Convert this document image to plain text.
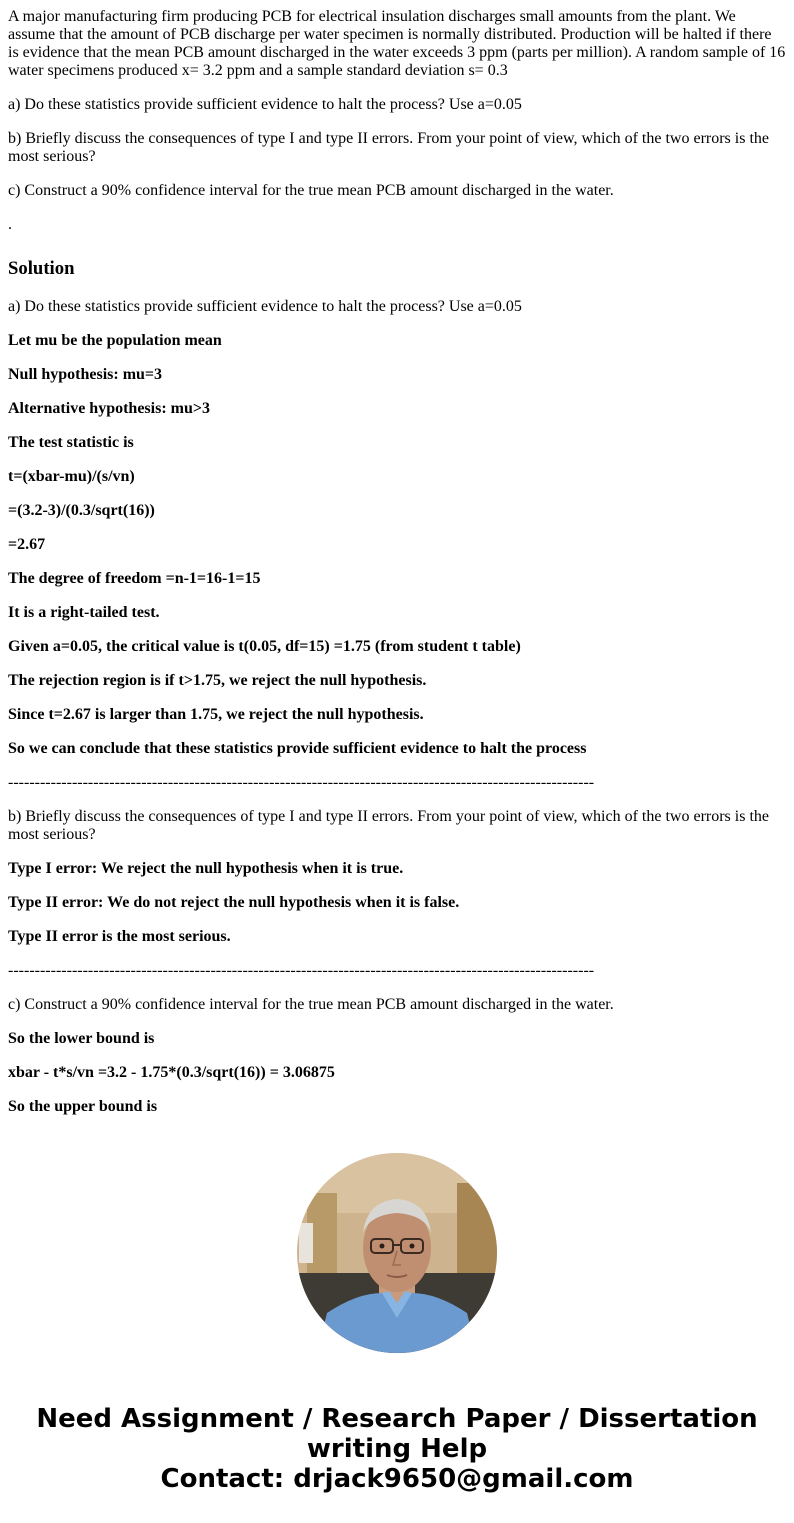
A major manufacturing firm producing PCB for electrical insulation discharges small amounts from the plant. We assume that the amount of PCB discharge per water specimen is normally distributed. Production will be halted if there is evidence that the mean PCB amount discharged in the water exceeds 3 ppm (parts per million). A random sample of 16 water specimens produced x= 3.2 ppm and a sample standard deviation s= 0.3

a) Do these statistics provide sufficient evidence to halt the process? Use a=0.05

b) Briefly discuss the consequences of type I and type II errors. From your point of view, which of the two errors is the most serious?

c) Construct a 90% confidence interval for the true mean PCB amount discharged in the water.

.

Solution

a) Do these statistics provide sufficient evidence to halt the process? Use a=0.05

Let mu be the population mean

Null hypothesis: mu=3

Alternative hypothesis: mu>3

The test statistic is

t=(xbar-mu)/(s/vn)

=(3.2-3)/(0.3/sqrt(16))

=2.67

The degree of freedom =n-1=16-1=15

It is a right-tailed test.

Given a=0.05, the critical value is t(0.05, df=15) =1.75 (from student t table)

The rejection region is if t>1.75, we reject the null hypothesis.

Since t=2.67 is larger than 1.75, we reject the null hypothesis.

So we can conclude that these statistics provide sufficient evidence to halt the process

--------------------------------------------------------------------------------------------------------------

b) Briefly discuss the consequences of type I and type II errors. From your point of view, which of the two errors is the most serious?

Type I error: We reject the null hypothesis when it is true.

Type II error: We do not reject the null hypothesis when it is false.

Type II error is the most serious.

--------------------------------------------------------------------------------------------------------------

c) Construct a 90% confidence interval for the true mean PCB amount discharged in the water.

So the lower bound is

xbar - t*s/vn =3.2 - 1.75*(0.3/sqrt(16)) = 3.06875

So the upper bound is

Need Assignment / Research Paper / Dissertation
writing Help
Contact: drjack9650@gmail.com
